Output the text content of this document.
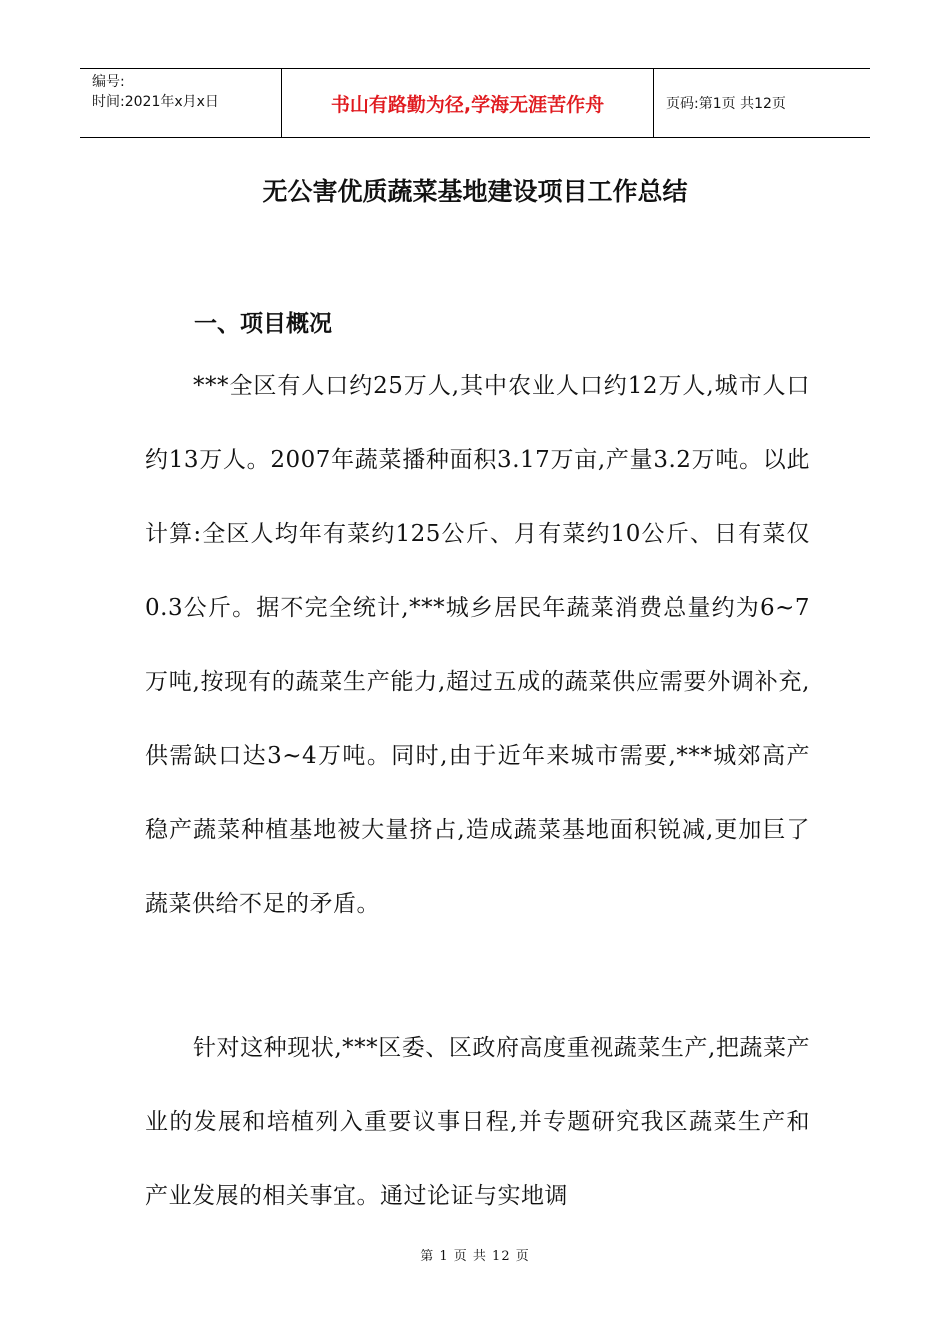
编号:
时间:2021年x月x日	书山有路勤为径,学海无涯苦作舟	页码:第1页 共12页
无公害优质蔬菜基地建设项目工作总结
一、项目概况

***全区有人口约25万人,其中农业人口约12万人,城市人口约13万人。2007年蔬菜播种面积3.17万亩,产量3.2万吨。以此计算:全区人均年有菜约125公斤、月有菜约10公斤、日有菜仅0.3公斤。据不完全统计,***城乡居民年蔬菜消费总量约为6~7万吨,按现有的蔬菜生产能力,超过五成的蔬菜供应需要外调补充,供需缺口达3~4万吨。同时,由于近年来城市需要,***城郊高产稳产蔬菜种植基地被大量挤占,造成蔬菜基地面积锐减,更加巨了蔬菜供给不足的矛盾。

针对这种现状,***区委、区政府高度重视蔬菜生产,把蔬菜产业的发展和培植列入重要议事日程,并专题研究我区蔬菜生产和产业发展的相关事宜。通过论证与实地调

第 1 页 共 12 页
